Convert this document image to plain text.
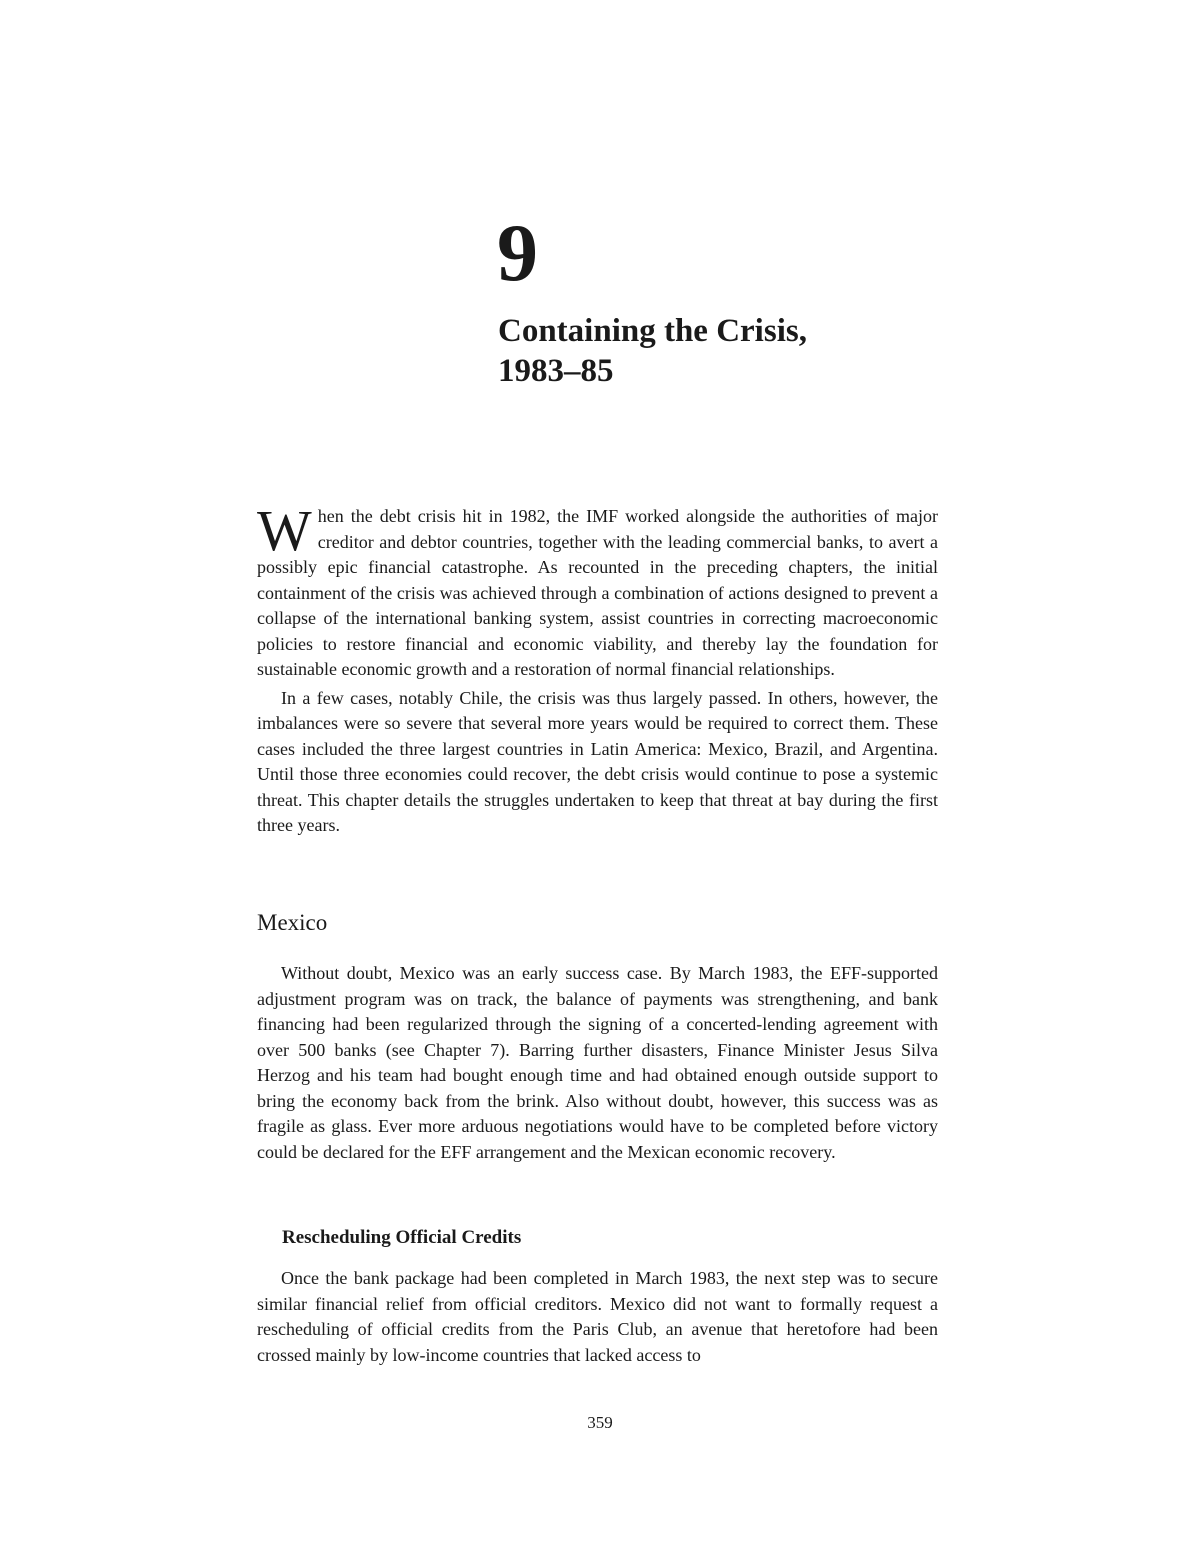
9
Containing the Crisis,
1983–85

When the debt crisis hit in 1982, the IMF worked alongside the authorities of major creditor and debtor countries, together with the leading commercial banks, to avert a possibly epic financial catastrophe. As recounted in the preceding chapters, the initial containment of the crisis was achieved through a combination of actions designed to prevent a collapse of the international banking system, assist countries in correcting macroeconomic policies to restore financial and economic viability, and thereby lay the foundation for sustainable economic growth and a restoration of normal financial relationships.

In a few cases, notably Chile, the crisis was thus largely passed. In others, however, the imbalances were so severe that several more years would be required to correct them. These cases included the three largest countries in Latin America: Mexico, Brazil, and Argentina. Until those three economies could recover, the debt crisis would continue to pose a systemic threat. This chapter details the struggles undertaken to keep that threat at bay during the first three years.

Mexico

Without doubt, Mexico was an early success case. By March 1983, the EFF-supported adjustment program was on track, the balance of payments was strengthening, and bank financing had been regularized through the signing of a concerted-lending agreement with over 500 banks (see Chapter 7). Barring further disasters, Finance Minister Jesus Silva Herzog and his team had bought enough time and had obtained enough outside support to bring the economy back from the brink. Also without doubt, however, this success was as fragile as glass. Ever more arduous negotiations would have to be completed before victory could be declared for the EFF arrangement and the Mexican economic recovery.

Rescheduling Official Credits

Once the bank package had been completed in March 1983, the next step was to secure similar financial relief from official creditors. Mexico did not want to formally request a rescheduling of official credits from the Paris Club, an avenue that heretofore had been crossed mainly by low-income countries that lacked access to

359
